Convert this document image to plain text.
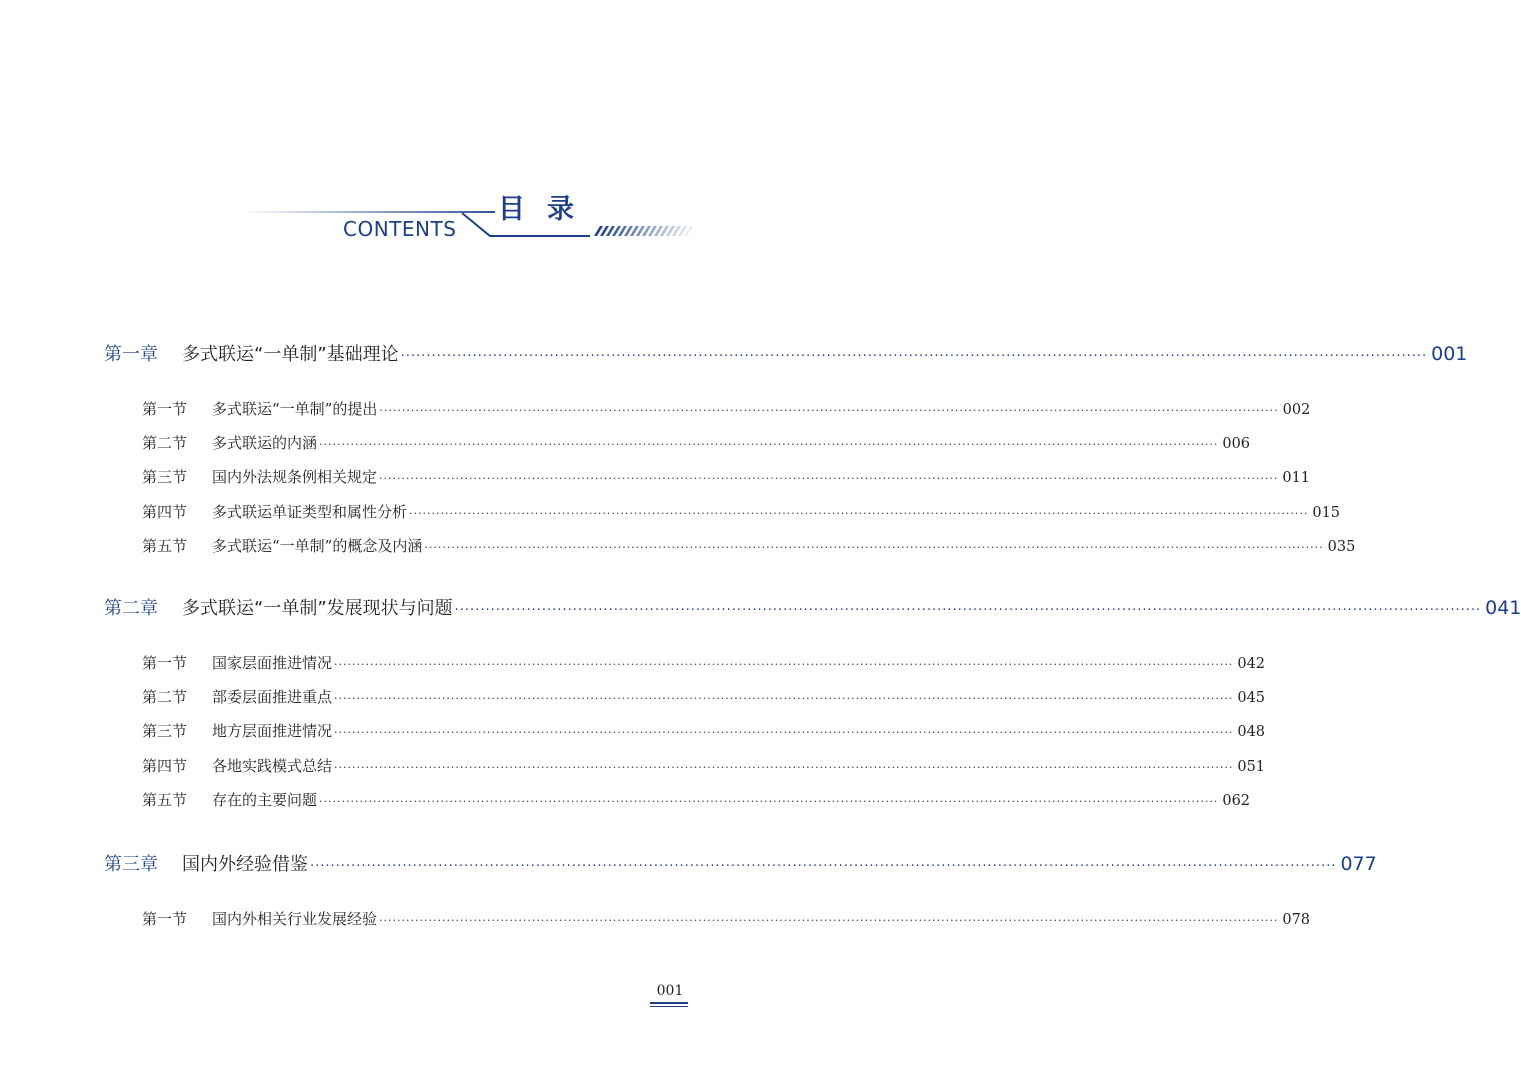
CONTENTS
目录
第一章	多式联运“一单制”基础理论 ········································································································································································································ 001
第一节	多式联运“一单制”的提出 ········································································································································································································ 002
第二节	多式联运的内涵 ········································································································································································································ 006
第三节	国内外法规条例相关规定 ········································································································································································································ 011
第四节	多式联运单证类型和属性分析 ········································································································································································································ 015
第五节	多式联运“一单制”的概念及内涵 ········································································································································································································ 035
第二章	多式联运“一单制”发展现状与问题 ········································································································································································································ 041
第一节	国家层面推进情况 ········································································································································································································ 042
第二节	部委层面推进重点 ········································································································································································································ 045
第三节	地方层面推进情况 ········································································································································································································ 048
第四节	各地实践模式总结 ········································································································································································································ 051
第五节	存在的主要问题 ········································································································································································································ 062
第三章	国内外经验借鉴 ········································································································································································································ 077
第一节	国内外相关行业发展经验 ········································································································································································································ 078
001
